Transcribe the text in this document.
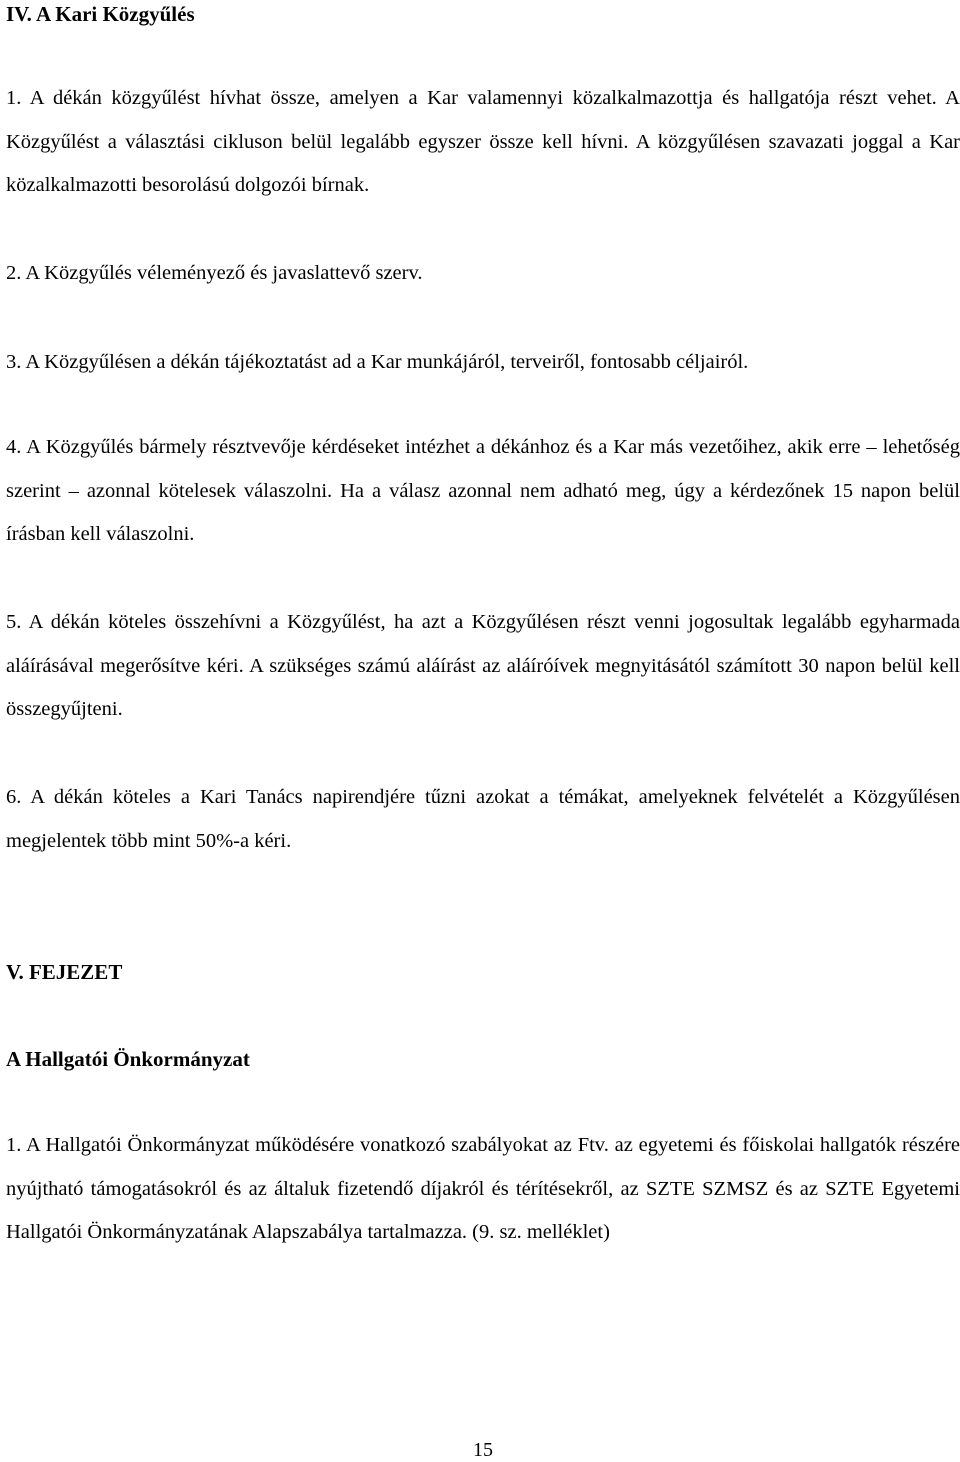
IV. A Kari Közgyűlés
1. A dékán közgyűlést hívhat össze, amelyen a Kar valamennyi közalkalmazottja és hallgatója részt vehet. A Közgyűlést a választási cikluson belül legalább egyszer össze kell hívni. A közgyűlésen szavazati joggal a Kar közalkalmazotti besorolású dolgozói bírnak.
2. A Közgyűlés véleményező és javaslattevő szerv.
3. A Közgyűlésen a dékán tájékoztatást ad a Kar munkájáról, terveiről, fontosabb céljairól.
4. A Közgyűlés bármely résztvevője kérdéseket intézhet a dékánhoz és a Kar más vezetőihez, akik erre – lehetőség szerint – azonnal kötelesek válaszolni. Ha a válasz azonnal nem adható meg, úgy a kérdezőnek 15 napon belül írásban kell válaszolni.
5. A dékán köteles összehívni a Közgyűlést, ha azt a Közgyűlésen részt venni jogosultak legalább egyharmada aláírásával megerősítve kéri. A szükséges számú aláírást az aláíróívek megnyitásától számított 30 napon belül kell összegyűjteni.
6. A dékán köteles a Kari Tanács napirendjére tűzni azokat a témákat, amelyeknek felvételét a Közgyűlésen megjelentek több mint 50%-a kéri.
V. FEJEZET
A Hallgatói Önkormányzat
1. A Hallgatói Önkormányzat működésére vonatkozó szabályokat az Ftv. az egyetemi és főiskolai hallgatók részére nyújtható támogatásokról és az általuk fizetendő díjakról és térítésekről, az SZTE SZMSZ és az SZTE Egyetemi Hallgatói Önkormányzatának Alapszabálya tartalmazza. (9. sz. melléklet)
15
